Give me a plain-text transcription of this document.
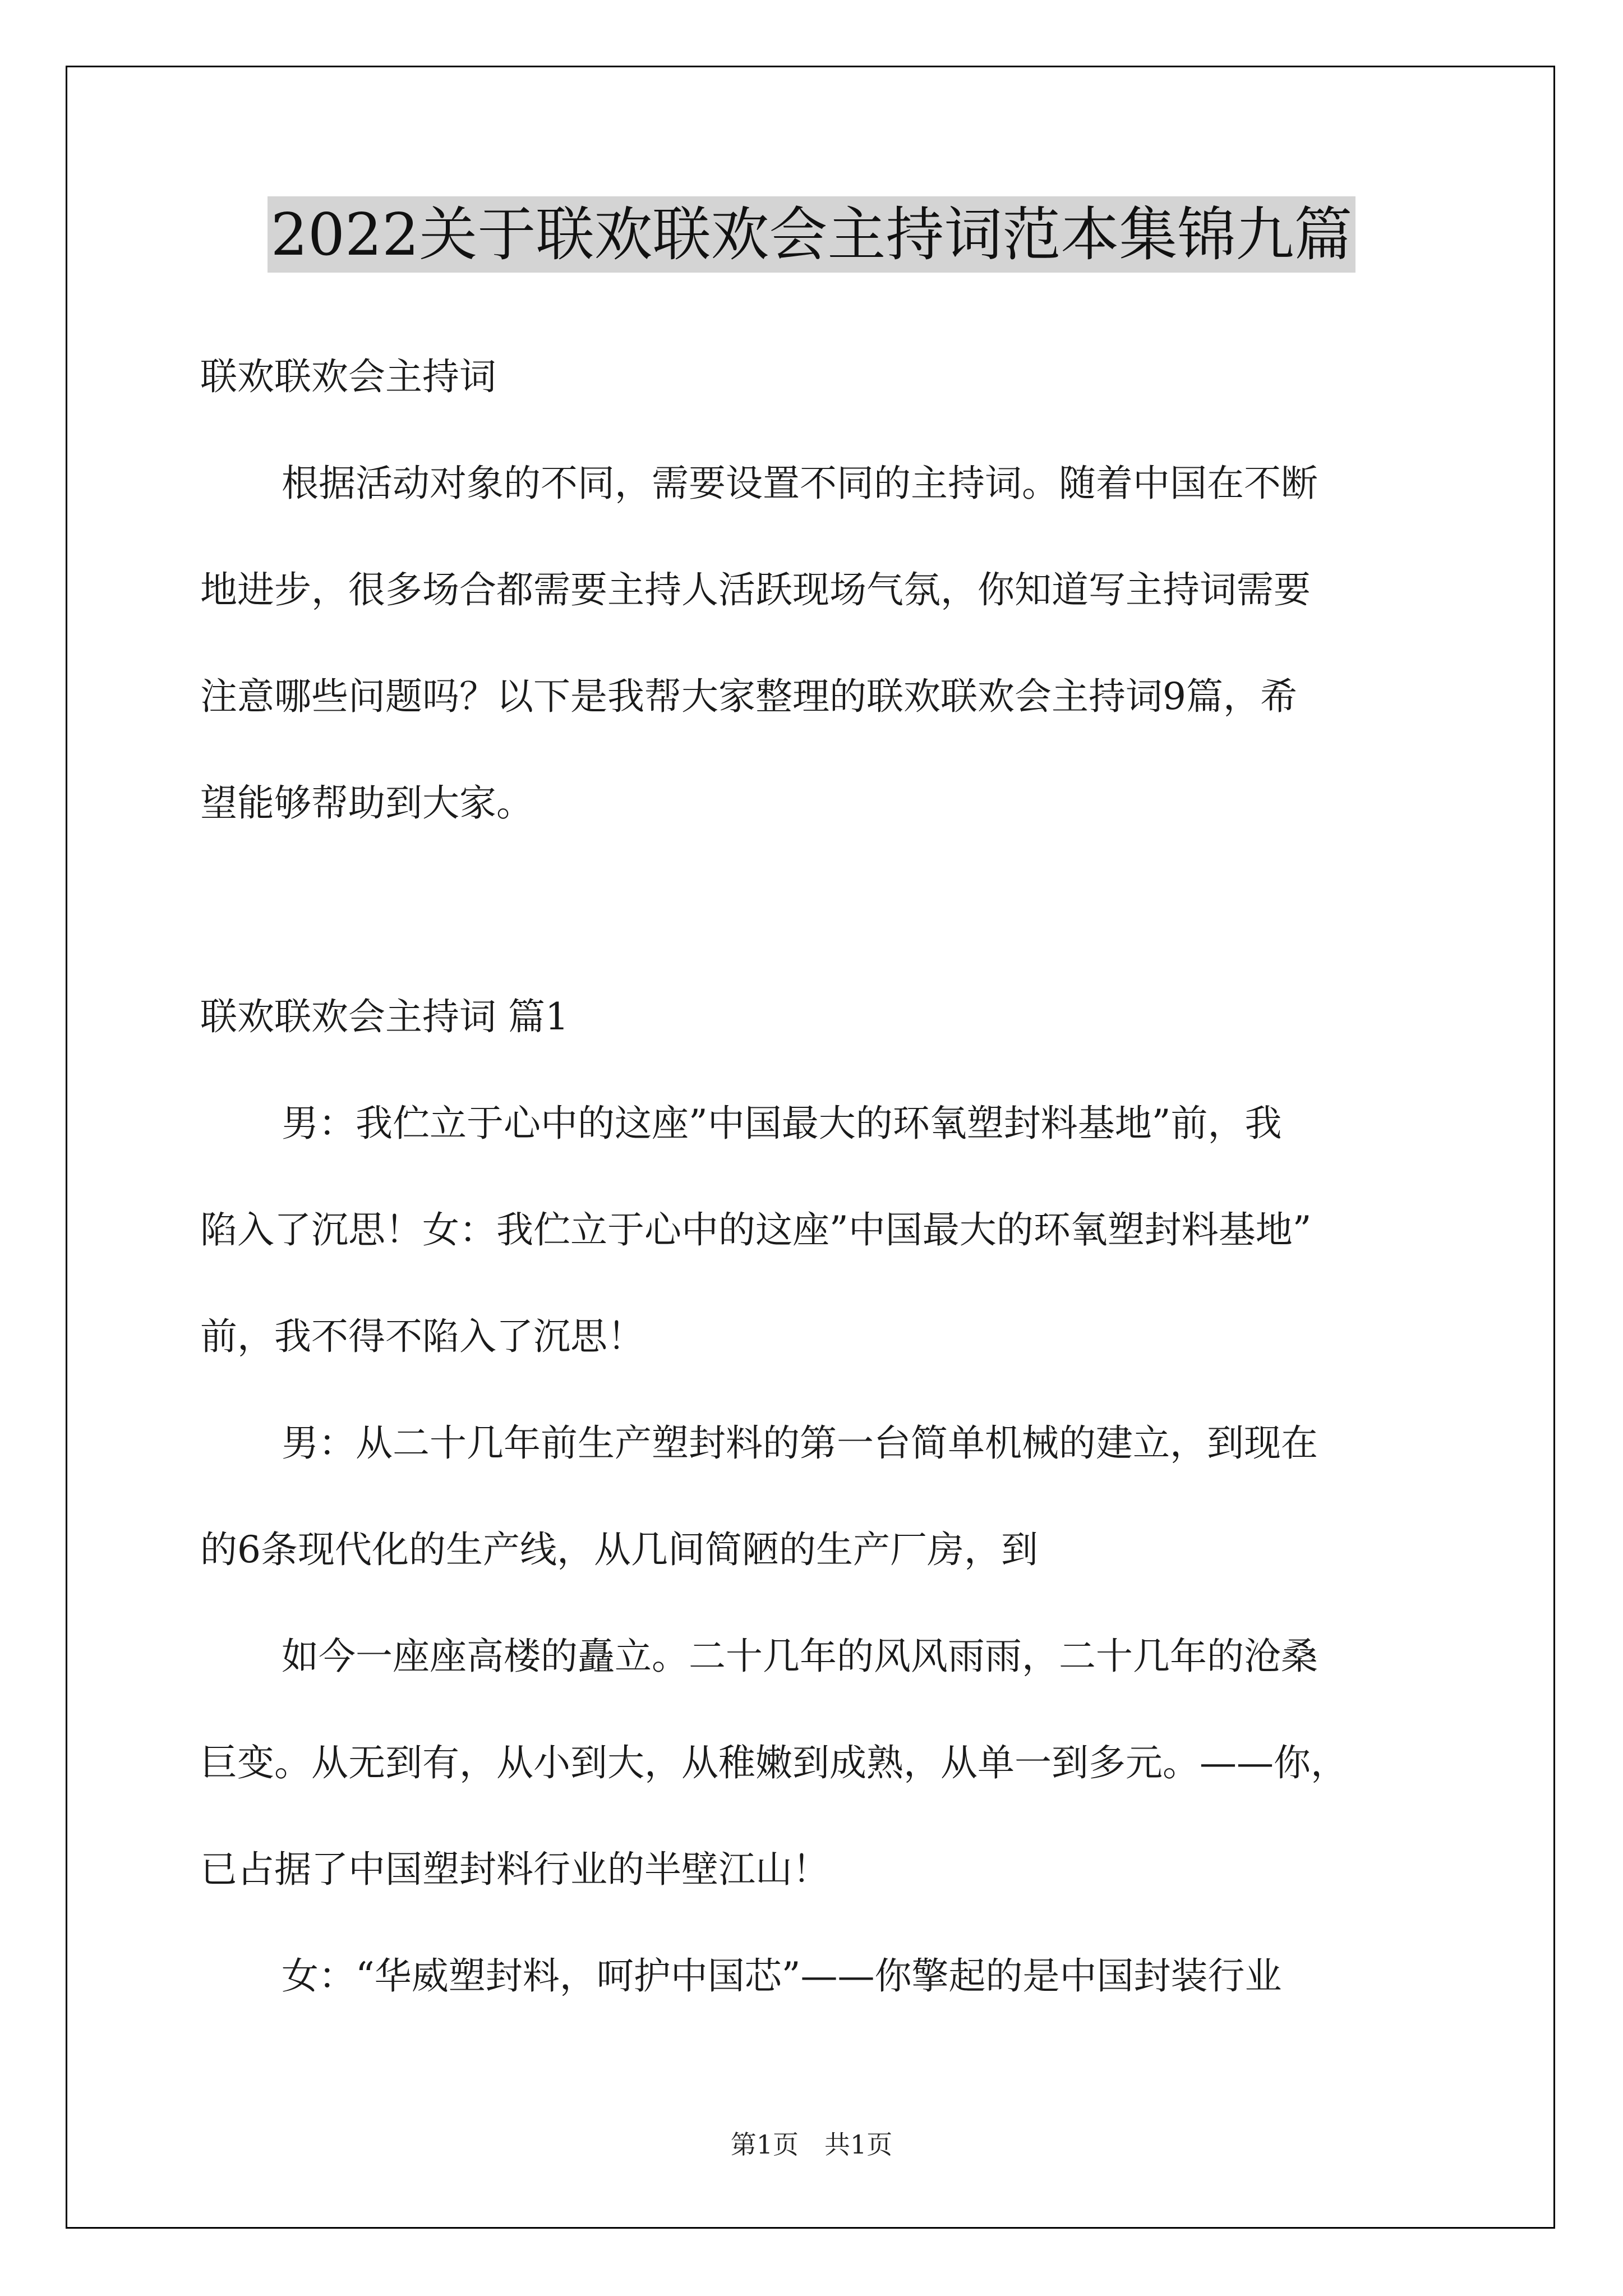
2022关于联欢联欢会主持词范本集锦九篇
联欢联欢会主持词
根据活动对象的不同，需要设置不同的主持词。随着中国在不断
地进步，很多场合都需要主持人活跃现场气氛，你知道写主持词需要
注意哪些问题吗？以下是我帮大家整理的联欢联欢会主持词9篇，希
望能够帮助到大家。
联欢联欢会主持词 篇1
男：我伫立于心中的这座”中国最大的环氧塑封料基地”前，我
陷入了沉思！女：我伫立于心中的这座”中国最大的环氧塑封料基地”
前，我不得不陷入了沉思！
男：从二十几年前生产塑封料的第一台简单机械的建立，到现在
的6条现代化的生产线，从几间简陋的生产厂房，到
如今一座座高楼的矗立。二十几年的风风雨雨，二十几年的沧桑
巨变。从无到有，从小到大，从稚嫩到成熟，从单一到多元。——你，
已占据了中国塑封料行业的半壁江山！
女：“华威塑封料，呵护中国芯”——你擎起的是中国封装行业
第1页　共1页
